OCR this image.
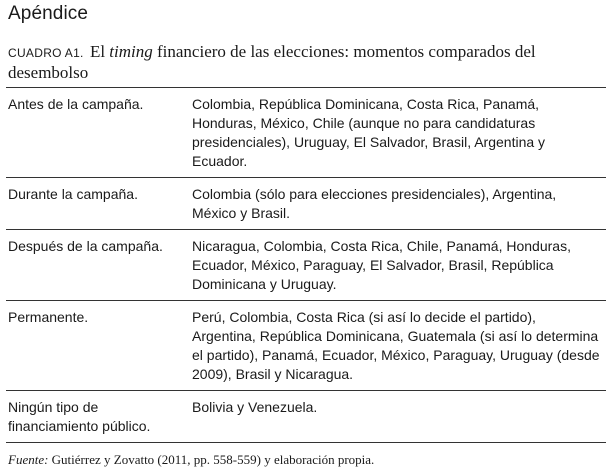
Apéndice
CUADRO A1. El timing financiero de las elecciones: momentos comparados del desembolso
Antes de la campaña.	Colombia, República Dominicana, Costa Rica, Panamá, Honduras, México, Chile (aunque no para candidaturas presidenciales), Uruguay, El Salvador, Brasil, Argentina y Ecuador.
Durante la campaña.	Colombia (sólo para elecciones presidenciales), Argentina, México y Brasil.
Después de la campaña.	Nicaragua, Colombia, Costa Rica, Chile, Panamá, Honduras, Ecuador, México, Paraguay, El Salvador, Brasil, República Dominicana y Uruguay.
Permanente.	Perú, Colombia, Costa Rica (si así lo decide el partido), Argentina, República Dominicana, Guatemala (si así lo determina el partido), Panamá, Ecuador, México, Paraguay, Uruguay (desde 2009), Brasil y Nicaragua.
Ningún tipo de financiamiento público.	Bolivia y Venezuela.
Fuente: Gutiérrez y Zovatto (2011, pp. 558-559) y elaboración propia.
